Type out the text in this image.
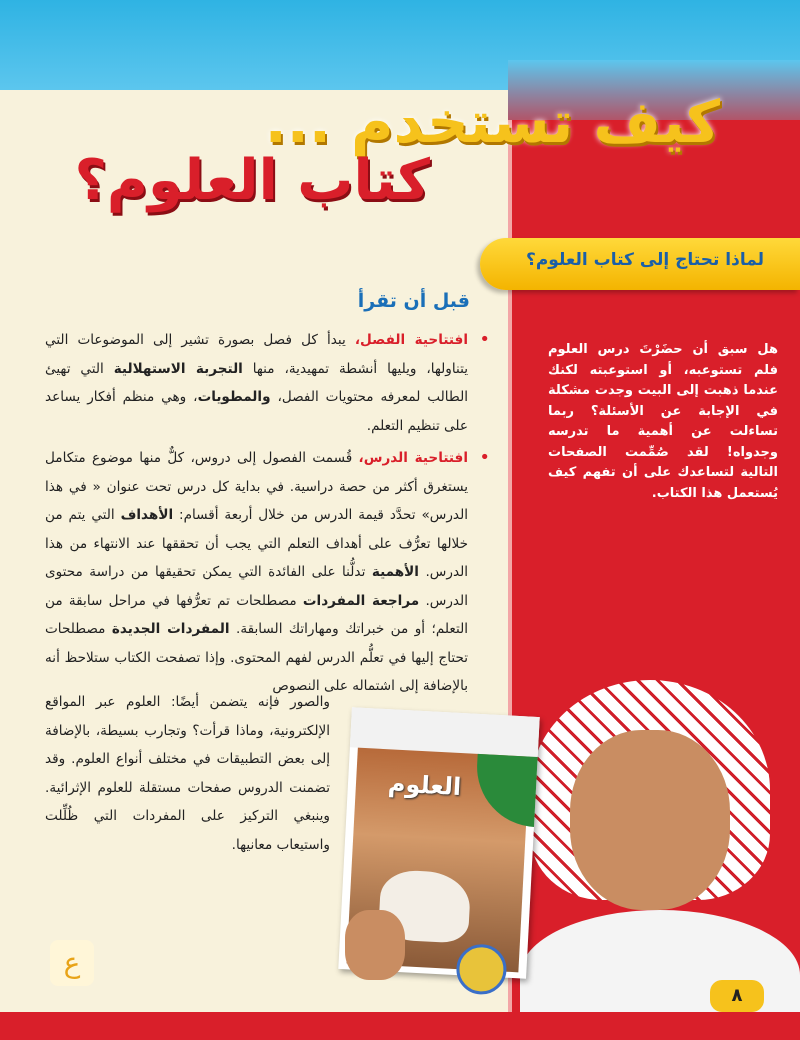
كيف تستخدم ...
كتاب العلوم؟
لماذا تحتاج إلى كتاب العلوم؟
هل سبق أن حضَرْتَ درس العلوم فلم تستوعبه، أو استوعبته لكنك عندما ذهبت إلى البيت وجدت مشكلة في الإجابة عن الأسئلة؟ ربما تساءلت عن أهمية ما تدرسه وجدواه! لقد صُمِّمت الصفحات التالية لتساعدك على أن تفهم كيف يُستعمل هذا الكتاب.
قبل أن تقرأ

• افتتاحية الفصل، يبدأ كل فصل بصورة تشير إلى الموضوعات التي يتناولها، ويليها أنشطة تمهيدية، منها التجربة الاستهلالية التي تهيئ الطالب لمعرفه محتويات الفصل، والمطويات، وهي منظم أفكار يساعد على تنظيم التعلم.

• افتتاحية الدرس، قُسمت الفصول إلى دروس، كلٌّ منها موضوع متكامل يستغرق أكثر من حصة دراسية. في بداية كل درس تحت عنوان « في هذا الدرس» تحدَّد قيمة الدرس من خلال أربعة أقسام: الأهداف التي يتم من خلالها تعرُّف على أهداف التعلم التي يجب أن تحققها عند الانتهاء من هذا الدرس. الأهمية تدلُّنا على الفائدة التي يمكن تحقيقها من دراسة محتوى الدرس. مراجعة المفردات مصطلحات تم تعرُّفها في مراحل سابقة من التعلم؛ أو من خبراتك ومهاراتك السابقة. المفردات الجديدة مصطلحات تحتاج إليها في تعلُّم الدرس لفهم المحتوى. وإذا تصفحت الكتاب ستلاحظ أنه بالإضافة إلى اشتماله على النصوص

والصور فإنه يتضمن أيضًا: العلوم عبر المواقع الإلكترونية، وماذا قرأت؟ وتجارب بسيطة، بالإضافة إلى بعض التطبيقات في مختلف أنواع العلوم. وقد تضمنت الدروس صفحات مستقلة للعلوم الإثرائية. وينبغي التركيز على المفردات التي ظُلِّلت واستيعاب معانيها.
العلوم
٨
ع
